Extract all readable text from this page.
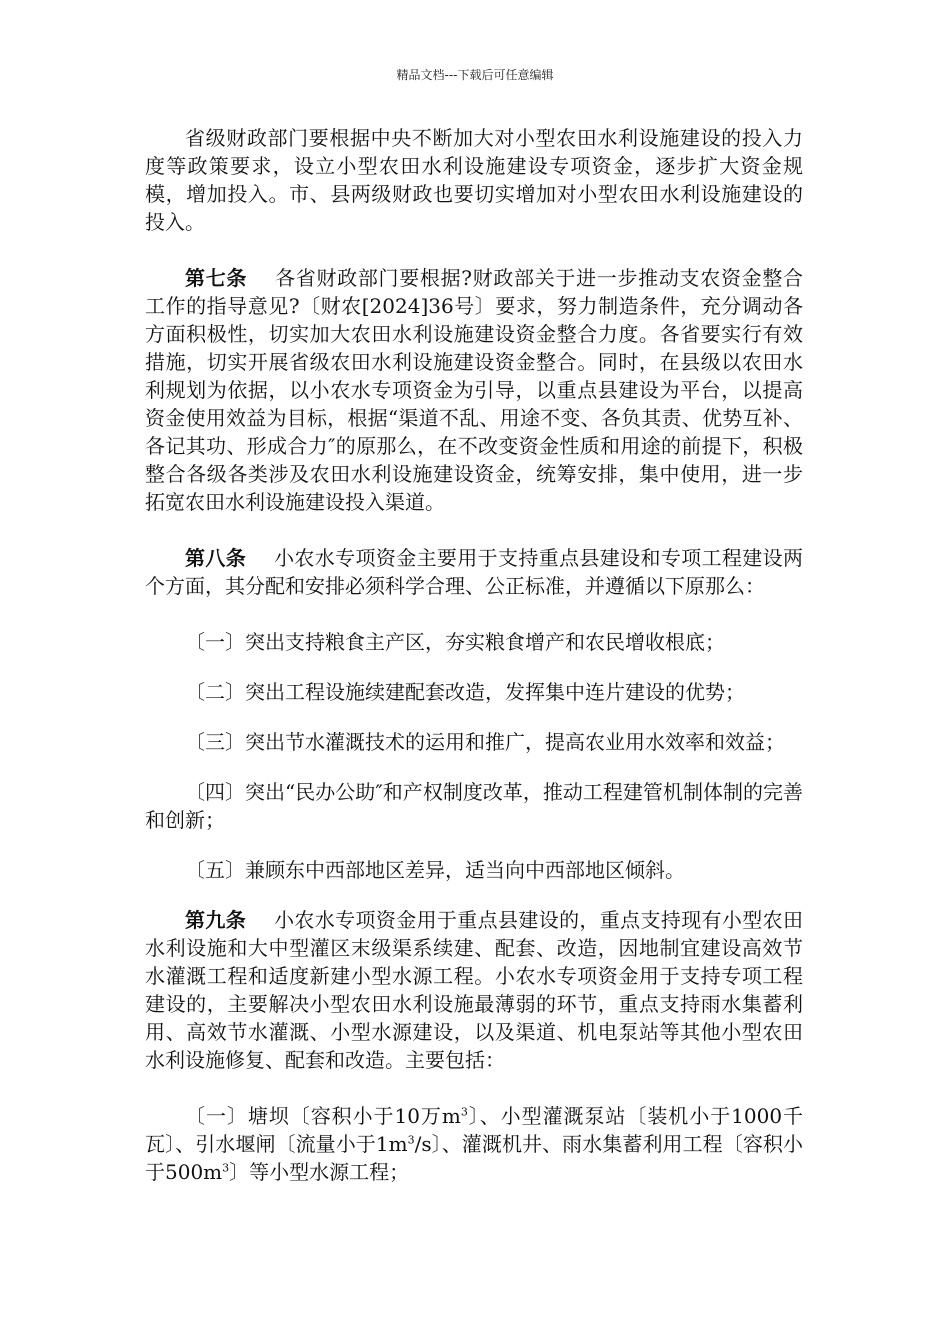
精品文档---下载后可任意编辑

省级财政部门要根据中央不断加大对小型农田水利设施建设的投入力度等政策要求，设立小型农田水利设施建设专项资金，逐步扩大资金规模，增加投入。市、县两级财政也要切实增加对小型农田水利设施建设的投入。

第七条 各省财政部门要根据?财政部关于进一步推动支农资金整合工作的指导意见?〔财农[2024]36号〕要求，努力制造条件，充分调动各方面积极性，切实加大农田水利设施建设资金整合力度。各省要实行有效措施，切实开展省级农田水利设施建设资金整合。同时，在县级以农田水利规划为依据，以小农水专项资金为引导，以重点县建设为平台，以提高资金使用效益为目标，根据“渠道不乱、用途不变、各负其责、优势互补、各记其功、形成合力″的原那么，在不改变资金性质和用途的前提下，积极整合各级各类涉及农田水利设施建设资金，统筹安排，集中使用，进一步拓宽农田水利设施建设投入渠道。

第八条 小农水专项资金主要用于支持重点县建设和专项工程建设两个方面，其分配和安排必须科学合理、公正标准，并遵循以下原那么：

〔一〕突出支持粮食主产区，夯实粮食增产和农民增收根底；

〔二〕突出工程设施续建配套改造，发挥集中连片建设的优势；

〔三〕突出节水灌溉技术的运用和推广，提高农业用水效率和效益；

〔四〕突出“民办公助″和产权制度改革，推动工程建管机制体制的完善和创新；

〔五〕兼顾东中西部地区差异，适当向中西部地区倾斜。

第九条 小农水专项资金用于重点县建设的，重点支持现有小型农田水利设施和大中型灌区末级渠系续建、配套、改造，因地制宜建设高效节水灌溉工程和适度新建小型水源工程。小农水专项资金用于支持专项工程建设的，主要解决小型农田水利设施最薄弱的环节，重点支持雨水集蓄利用、高效节水灌溉、小型水源建设，以及渠道、机电泵站等其他小型农田水利设施修复、配套和改造。主要包括：

〔一〕塘坝〔容积小于10万$m^3$〕、小型灌溉泵站〔装机小于1000千瓦〕、引水堰闸〔流量小于$1m^3/s$〕、灌溉机井、雨水集蓄利用工程〔容积小于$500m^3$〕等小型水源工程；
